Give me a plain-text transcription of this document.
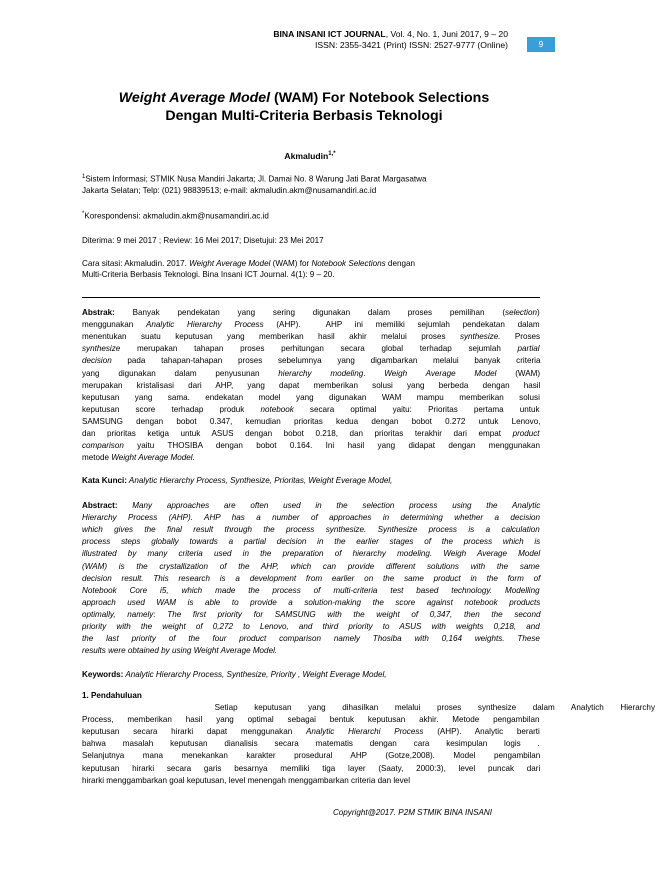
BINA INSANI ICT JOURNAL, Vol. 4, No. 1, Juni 2017, 9 – 20
ISSN: 2355-3421 (Print) ISSN: 2527-9777 (Online)	9
Weight Average Model (WAM) For Notebook Selections
Dengan Multi-Criteria Berbasis Teknologi
Akmaludin$^{1,*}$
$^1$Sistem Informasi; STMIK Nusa Mandiri Jakarta; Jl. Damai No. 8 Warung Jati Barat Margasatwa
Jakarta Selatan; Telp: (021) 98839513; e-mail: akmaludin.akm@nusamandiri.ac.id
*Korespondensi: akmaludin.akm@nusamandiri.ac.id
Diterima: 9 mei 2017 ; Review: 16 Mei 2017; Disetujui: 23 Mei 2017
Cara sitasi: Akmaludin. 2017. Weight Average Model (WAM) for Notebook Selections dengan
Multi-Criteria Berbasis Teknologi. Bina Insani ICT Journal. 4(1): 9 – 20.
Abstrak: Banyak pendekatan yang sering digunakan dalam proses pemilihan (selection)
menggunakan Analytic Hierarchy Process (AHP).  AHP ini memiliki sejumlah pendekatan dalam
menentukan suatu keputusan yang memberikan hasil akhir melalui proses synthesize. Proses
synthesize merupakan tahapan proses perhitungan secara global terhadap sejumlah partial
decision pada tahapan-tahapan proses sebelumnya yang digambarkan melalui banyak criteria
yang digunakan dalam penyusunan hierarchy modeling. Weigh Average Model (WAM)
merupakan kristalisasi dari AHP, yang dapat memberikan solusi yang berbeda dengan hasil
keputusan yang sama. endekatan model yang digunakan WAM mampu memberikan solusi
keputusan score terhadap produk notebook secara optimal yaitu: Prioritas pertama untuk
SAMSUNG dengan bobot 0.347, kemudian prioritas kedua dengan bobot 0.272 untuk Lenovo,
dan prioritas ketiga untuk ASUS dengan bobot 0.218, dan prioritas terakhir dari empat product
comparison yaitu THOSIBA dengan bobot 0.164. Ini hasil yang didapat dengan menggunakan
metode Weight Average Model.
Kata Kunci: Analytic Hierarchy Process, Synthesize, Prioritas, Weight Everage Model,
Abstract: Many approaches are often used in the selection process using the Analytic
Hierarchy Process (AHP). AHP has a number of approaches in determining whether a decision
which gives the final result through the process synthesize. Synthesize process is a calculation
process steps globally towards a partial decision in the earlier stages of the process which is
illustrated by many criteria used in the preparation of hierarchy modeling. Weigh Average Model
(WAM) is the crystallization of the AHP, which can provide different solutions with the same
decision result. This research is a development from earlier on the same product in the form of
Notebook Core i5, which made the process of multi-criteria test based technology. Modelling
approach used WAM is able to provide a solution-making the score against notebook products
optimally, namely: The first priority for SAMSUNG with the weight of 0,347, then the second
priority with the weight of 0,272 to Lenovo, and third priority to ASUS with weights 0,218, and
the last priority of the four product comparison namely Thosiba with 0,164 weights. These
results were obtained by using Weight Average Model.
Keywords: Analytic Hierarchy Process, Synthesize, Priority , Weight Everage Model,
1. Pendahuluan
Setiap keputusan yang dihasilkan melalui proses synthesize dalam Analytich Hierarchy
Process, memberikan hasil yang optimal sebagai bentuk keputusan akhir. Metode pengambilan
keputusan secara hirarki dapat menggunakan Analytic Hierarchi Process (AHP). Analytic berarti
bahwa masalah keputusan dianalisis secara matematis dengan cara kesimpulan logis .
Selanjutnya mana menekankan karakter prosedural AHP (Gotze,2008). Model pengambilan
keputusan hirarki secara garis besarnya memiliki tiga layer (Saaty, 2000:3), level puncak dari
hirarki menggambarkan goal keputusan, level menengah menggambarkan criteria dan level
Copyright@2017. P2M STMIK BINA INSANI
